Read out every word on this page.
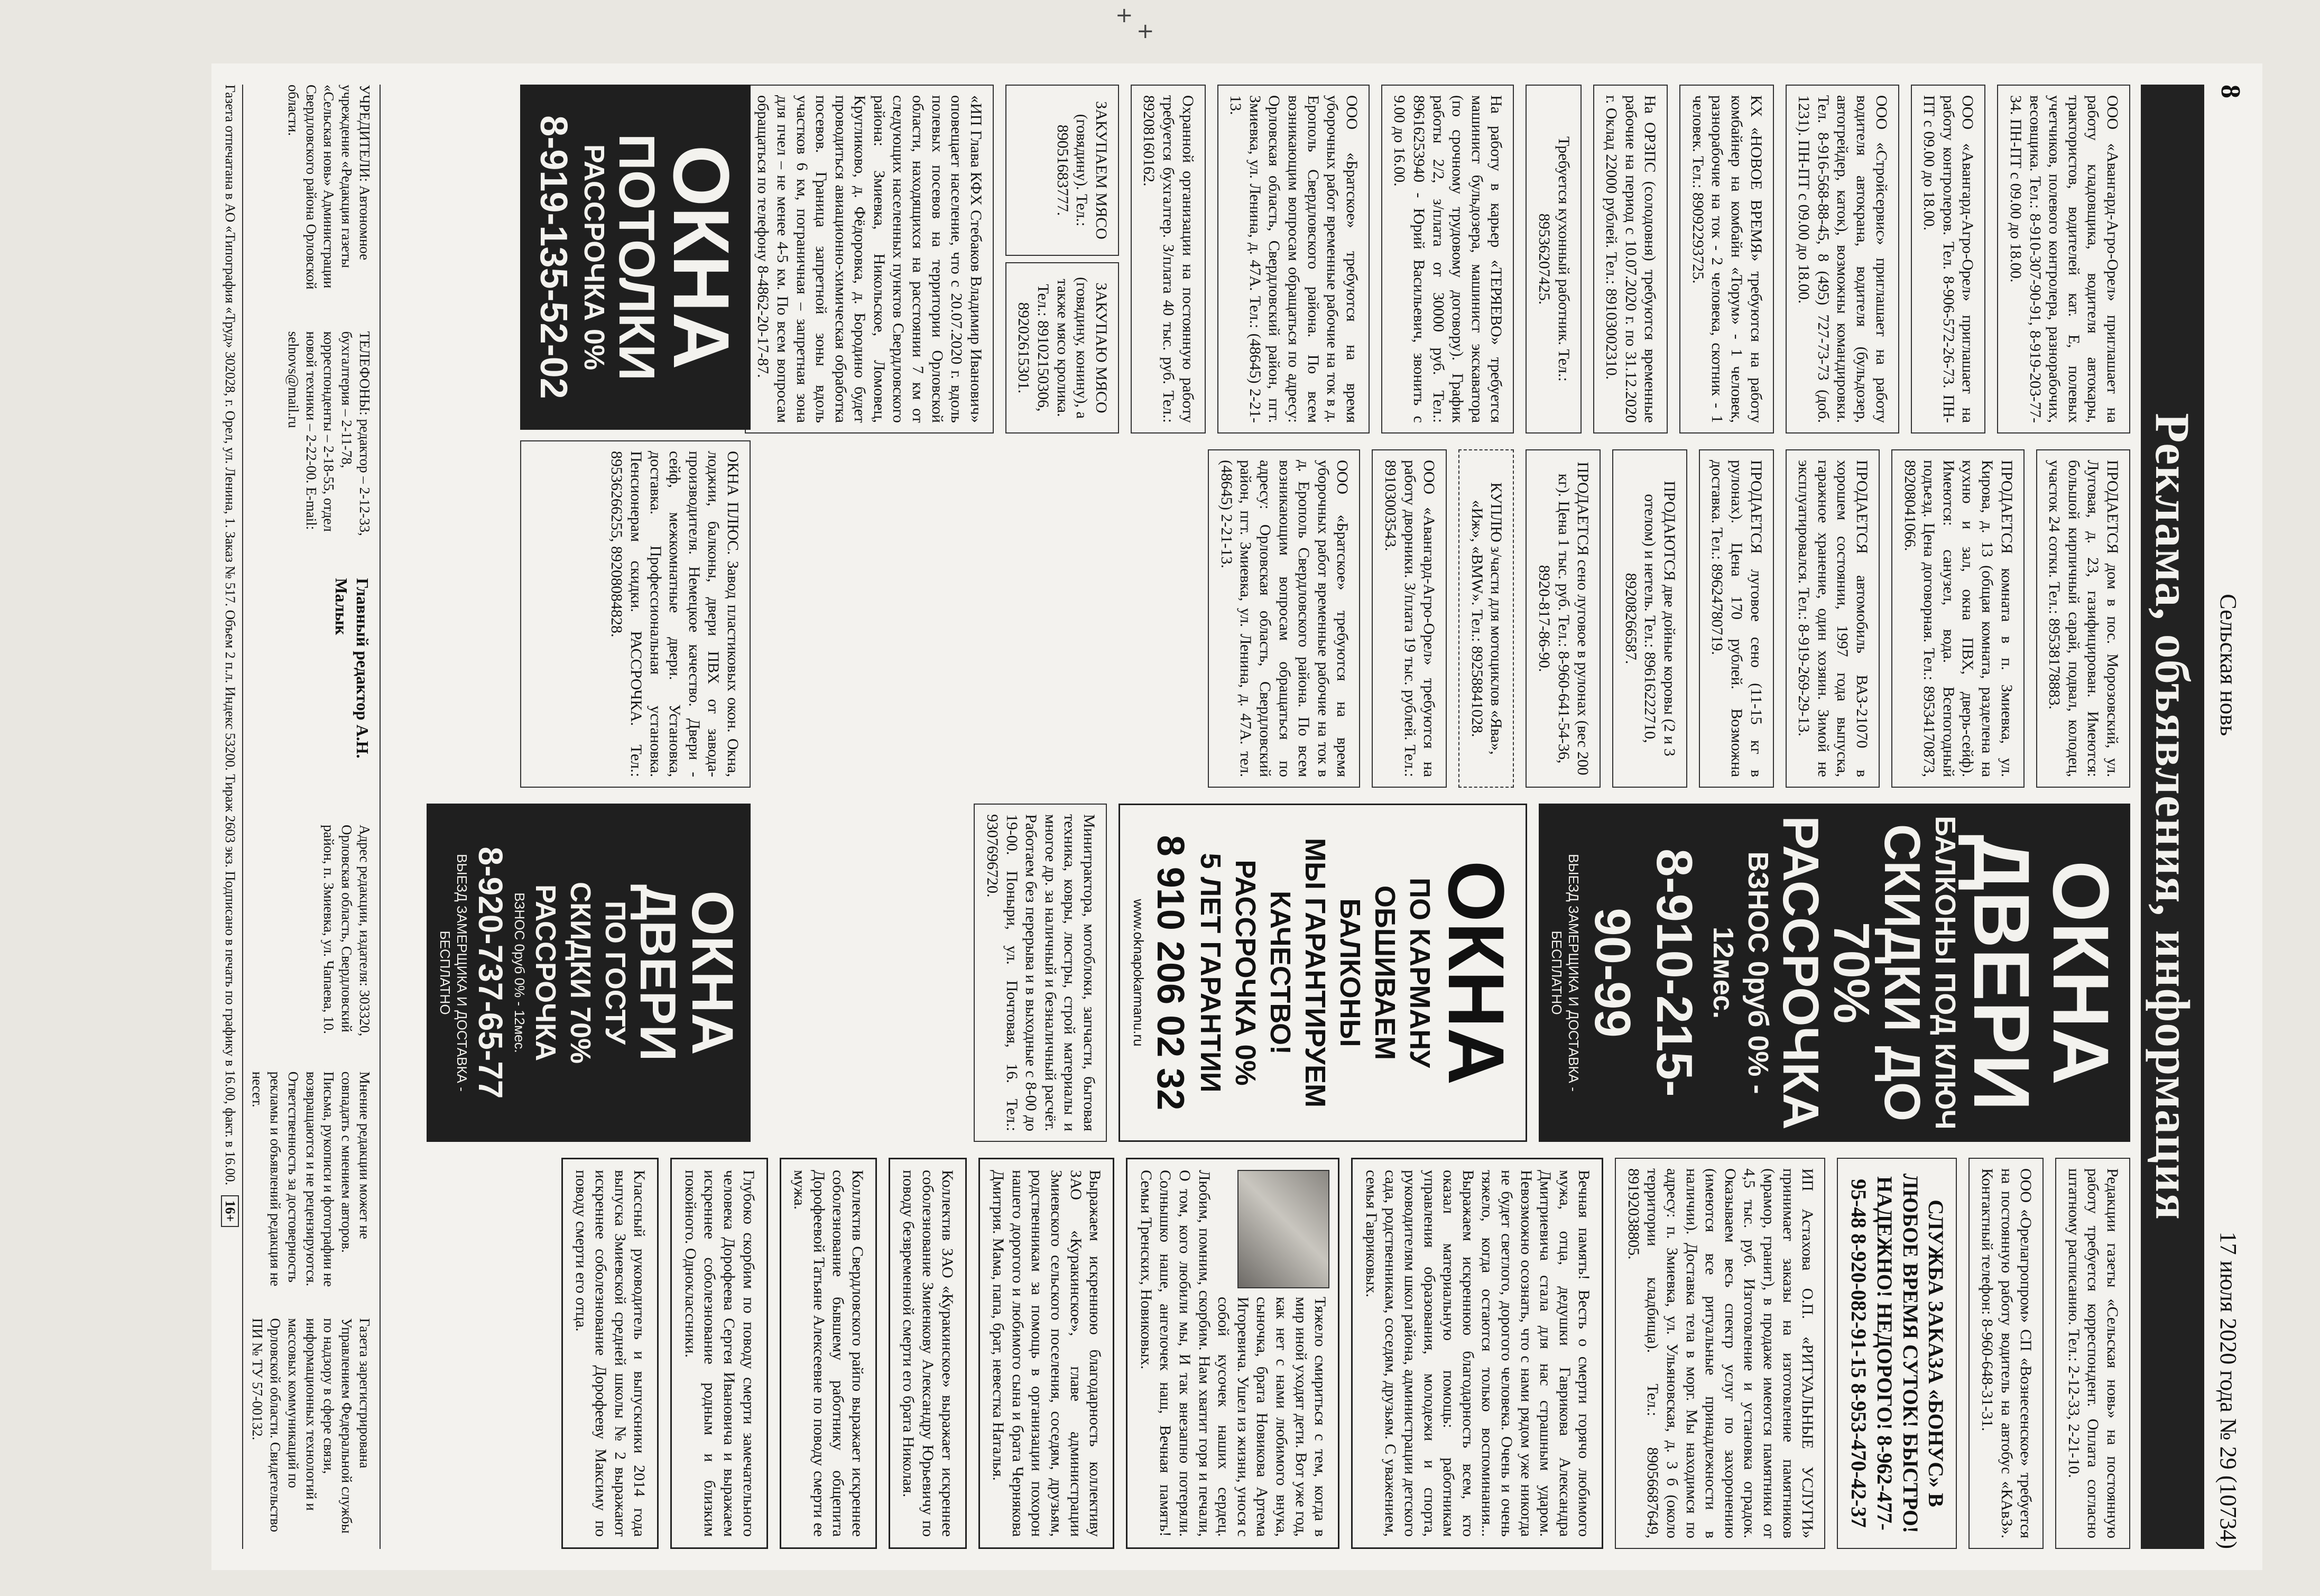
+
+
8
Сельская новь
17 июля 2020 года № 29 (10734)
Реклама, объявления, информация
ООО «Авангард-Агро-Орел» приглашает на работу кладовщика, водителя автокары, трактористов, водителей кат. Е, полевых учетчиков, полевого контролера, разнорабочих, весовщика. Тел.: 8-910-307-90-91, 8-919-203-77-34. ПН-ПТ с 09.00 до 18.00.
ООО «Авангард-Агро-Орел» приглашает на работу контролеров. Тел. 8-906-572-26-73. ПН-ПТ с 09.00 до 18.00.
ООО «Стройсервис» приглашает на работу водителя автокрана, водителя (бульдозер, автогрейдер, каток), возможны командировки. Тел. 8-916-568-88-45, 8 (495) 727-73-73 (доб. 1231). ПН-ПТ с 09.00 до 18.00.
КХ «НОВОЕ ВРЕМЯ» требуются на работу комбайнер на комбайн «Торум» - 1 человек, разнорабочие на ток - 2 человека, скотник - 1 человек. Тел.: 89092293725.
На ОРЗПС (солодовня) требуются временные рабочие на период с 10.07.2020 г. по 31.12.2020 г. Оклад 22000 рублей. Тел.: 89103002310.
Требуется кухонный работник. Тел.: 89536207425.
На работу в карьер «ТЕРЯЕВО» требуется машинист бульдозера, машинист экскаватора (по срочному трудовому договору). График работы 2/2, з/плата от 30000 руб. Тел.: 89616253940 - Юрий Васильевич, звонить с 9.00 до 16.00.
ООО «Братское» требуются на время уборочных работ временные рабочие на ток в д. Ерополь Свердловского района. По всем возникающим вопросам обращаться по адресу: Орловская область, Свердловский район, пгт. Змиевка, ул. Ленина, д. 47А. Тел.: (48645) 2-21-13.
Охранной организации на постоянную работу требуется бухгалтер. З/плата 40 тыс. руб. Тел.: 89208160162.
ЗАКУПАЕМ МЯСО (говядину). Тел.: 89051683777.
ЗАКУПАЮ МЯСО (говядину, конину), а также мясо кролика. Тел.: 89102150306, 89202615301.
«ИП Глава КФХ Стебаков Владимир Иванович» оповещает население, что с 20.07.2020 г. вдоль полевых посевов на территории Орловской области, находящихся на расстоянии 7 км от следующих населенных пунктов Свердловского района: Змиевка, Никольское, Ломовец, Кругликово, д. Фёдоровка, д. Бородино будет проводиться авиационно-химическая обработка посевов. Граница запретной зоны вдоль участков 6 км, пограничная – запретная зона для пчел – не менее 4-5 км. По всем вопросам обращаться по телефону 8-4862-20-17-87.
ПРОДАЕТСЯ дом в пос. Морозовский, ул. Луговая, д. 23, газифицирован. Имеются: большой кирпичный сарай, подвал, колодец, участок 24 сотки. Тел.: 89538178883.
ПРОДАЕТСЯ комната в п. Змиевка, ул. Кирова, д. 13 (общая комната, разделена на кухню и зал, окна ПВХ, дверь-сейф). Имеются: санузел, вода. Всепогодный подъезд. Цена договорная. Тел.: 89534170873, 89208041066.
ПРОДАЕТСЯ автомобиль ВАЗ-21070 в хорошем состоянии, 1997 года выпуска, гаражное хранение, один хозяин. Зимой не эксплуатировался. Тел.: 8-919-269-29-13.
ПРОДАЕТСЯ луговое сено (11-15 кг в рулонах). Цена 170 рублей. Возможна доставка. Тел.: 89624780719.
ПРОДАЮТСЯ две дойные коровы (2 и 3 отелом) и нетель. Тел.: 89616222710, 89208266587.
ПРОДАЕТСЯ сено луговое в рулонах (вес 200 кг). Цена 1 тыс. руб. Тел.: 8-960-641-54-36, 8920-817-86-90.
КУПЛЮ з/части для мотоциклов «Ява», «Иж», «ВМW». Тел.: 89258841028.
ООО «Авангард-Агро-Орел» требуются на работу дворники. З/плата 19 тыс. рублей. Тел.: 89103003543.
ООО «Братское» требуются на время уборочных работ временные рабочие на ток в д. Ерополь Свердловского района. По всем возникающим вопросам обращаться по адресу: Орловская область, Свердловский район, пгт. Змиевка, ул. Ленина, д. 47А. тел. (48645) 2-21-13.
ОКНА
ДВЕРИ
БАЛКОНЫ ПОД КЛЮЧ
СКИДКИ ДО 70%
РАССРОЧКА
ВЗНОС 0руб 0% - 12мес.
8-910-215-90-99
ВЫЕЗД ЗАМЕРЩИКА И ДОСТАВКА - БЕСПЛАТНО
ОКНА
ПО КАРМАНУ
ОБШИВАЕМ БАЛКОНЫ
МЫ ГАРАНТИРУЕМ КАЧЕСТВО!
РАССРОЧКА 0%
5 ЛЕТ ГАРАНТИИ
8 910 206 02 32
www.oknapokarmanu.ru
Минитрактора, мотоблоки, запчасти, бытовая техника, ковры, люстры, строй материалы и многое др. за наличный и безналичный расчёт. Работаем без перерыва и в выходные с 8-00 до 19-00. Поныри, ул. Почтовая, 16. Тел.: 9307696720.
Редакции газеты «Сельская новь» на постоянную работу требуется корреспондент. Оплата согласно штатному расписанию. Тел.: 2-12-33, 2-21-10.
ООО «Орелагропром» СП «Вознесенское» требуется на постоянную работу водитель на автобус «КАвЗ». Контактный телефон: 8-960-648-31-31.
СЛУЖБА ЗАКАЗА «БОНУС» В ЛЮБОЕ ВРЕМЯ СУТОК! БЫСТРО! НАДЕЖНО! НЕДОРОГО! 8-962-477-95-48 8-920-082-91-15 8-953-470-42-37
ИП Астахова О.П. «РИТУАЛЬНЫЕ УСЛУГИ» принимает заказы на изготовление памятников (мрамор, гранит), в продаже имеются памятники от 4,5 тыс. руб. Изготовление и установка оградок. Оказываем весь спектр услуг по захоронению (имеются все ритуальные принадлежности в наличии). Доставка тела в морг. Мы находимся по адресу: п. Змиевка, ул. Ульяновская, д. 3 б (около территории кладбища). Тел.: 89056687649, 89192038805.
Вечная память! Весть о смерти горячо любимого мужа, отца, дедушки Гаврикова Александра Дмитриевича стала для нас страшным ударом. Невозможно осознать, что с нами рядом уже никогда не будет светлого, дорогого человека. Очень и очень тяжело, когда остаются только воспоминания... Выражаем искреннюю благодарность всем, кто оказал материальную помощь: работникам управления образования, молодежи и спорта, руководителям школ района, администрации детского сада, родственникам, соседям, друзьям. С уважением, семья Гавриковых.
Тяжело смириться с тем, когда в мир иной уходят дети. Вот уже год, как нет с нами любимого внука, сыночка, брата Новикова Артема Игоревича. Ушел из жизни, унося с собой кусочек наших сердец. Любим, помним, скорбим. Нам хватит горя и печали, О том, кого любили мы, И так внезапно потеряли. Солнышко наше, ангелочек наш, Вечная память! Семьи Тренских, Новиковых.
Выражаем искреннюю благодарность коллективу ЗАО «Куракинское», главе администрации Змиевского сельского поселения, соседям, друзьям, родственникам за помощь в организации похорон нашего дорогого и любимого сына и брата Чернякова Дмитрия. Мама, папа, брат, невестка Наталья.
Коллектив ЗАО «Куракинское» выражает искреннее соболезнование Змиенкову Александру Юрьевичу по поводу безвременной смерти его брата Николая.
Коллектив Свердловского райпо выражает искреннее соболезнование бывшему работнику общепита Дорофеевой Татьяне Алексеевне по поводу смерти ее мужа.
Глубоко скорбим по поводу смерти замечательного человека Дорофеева Сергея Ивановича и выражаем искреннее соболезнование родным и близким покойного. Одноклассники.
Классный руководитель и выпускники 2014 года выпуска Змиевской средней школы № 2 выражают искреннее соболезнование Дорофееву Максиму по поводу смерти его отца.
ОКНА
ПОТОЛКИ
РАССРОЧКА 0%
8-919-135-52-02
ОКНА ПЛЮС. Завод пластиковых окон. Окна, лоджии, балконы, двери ПВХ от завода-производителя. Немецкое качество. Двери - сейф, межкомнатные двери. Установка, доставка. Профессиональная установка. Пенсионерам скидки. РАССРОЧКА. Тел.: 89536266255, 89208084828.
ОКНА
ДВЕРИ
ПО ГОСТУ
СКИДКИ 70%
РАССРОЧКА
ВЗНОС 0руб 0% - 12мес.
8-920-737-65-77
ВЫЕЗД ЗАМЕРЩИКА И ДОСТАВКА - БЕСПЛАТНО
УЧРЕДИТЕЛИ: Автономное учреждение «Редакция газеты «Сельская новь» Администрации Свердловского района Орловской области.
ТЕЛЕФОНЫ: редактор – 2-12-33, бухгалтерия – 2-11-78, корреспонденты – 2-18-55, отдел новой техники – 2-22-00. E-mail: selnovs@mail.ru
Главный редактор А.Н. Малык
Адрес редакции, издателя: 303320, Орловская область, Свердловский район, п. Змиевка, ул. Чапаева, 10.
Мнение редакции может не совпадать с мнением авторов. Письма, рукописи и фотографии не возвращаются и не рецензируются. Ответственность за достоверность рекламы и объявлений редакция не несет.
Газета зарегистрирована Управлением Федеральной службы по надзору в сфере связи, информационных технологий и массовых коммуникаций по Орловской области. Свидетельство ПИ № ТУ 57-00132.
Газета отпечатана в АО «Типография «Труд» 302028, г. Орел, ул. Ленина, 1. Заказ № 517. Объем 2 п.л. Индекс 53200. Тираж 2603 экз. Подписано в печать по графику в 16.00, факт. в 16.00. 16+
